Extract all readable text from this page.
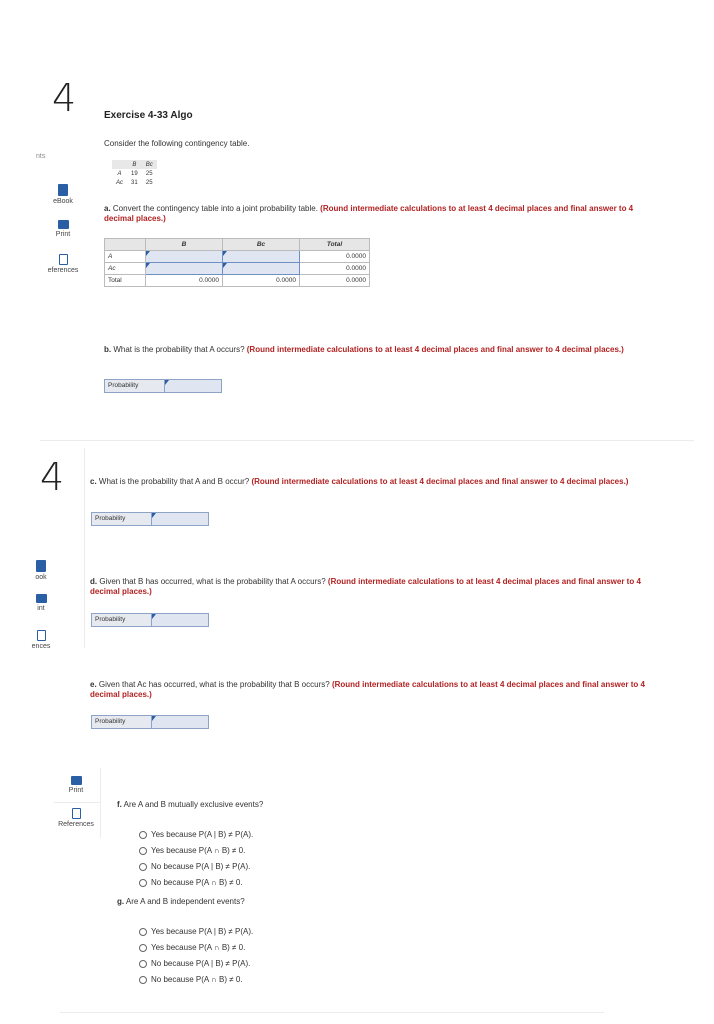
4
nts
eBook
Print
eferences
Exercise 4-33 Algo
Consider the following contingency table.
	B	Bc
A	19	25
Ac	31	25
a. Convert the contingency table into a joint probability table. (Round intermediate calculations to at least 4 decimal places and final answer to 4 decimal places.)
	B	Bc	Total
A			0.0000
Ac			0.0000
Total	0.0000	0.0000	0.0000
b. What is the probability that A occurs? (Round intermediate calculations to at least 4 decimal places and final answer to 4 decimal places.)
Probability
4
ook
int
ences
c. What is the probability that A and B occur? (Round intermediate calculations to at least 4 decimal places and final answer to 4 decimal places.)
Probability
d. Given that B has occurred, what is the probability that A occurs? (Round intermediate calculations to at least 4 decimal places and final answer to 4 decimal places.)
Probability
e. Given that Ac has occurred, what is the probability that B occurs? (Round intermediate calculations to at least 4 decimal places and final answer to 4 decimal places.)
Probability
Print
References
f. Are A and B mutually exclusive events?
Yes because P(A | B) ≠ P(A).
Yes because P(A ∩ B) ≠ 0.
No because P(A | B) ≠ P(A).
No because P(A ∩ B) ≠ 0.
g. Are A and B independent events?
Yes because P(A | B) ≠ P(A).
Yes because P(A ∩ B) ≠ 0.
No because P(A | B) ≠ P(A).
No because P(A ∩ B) ≠ 0.
